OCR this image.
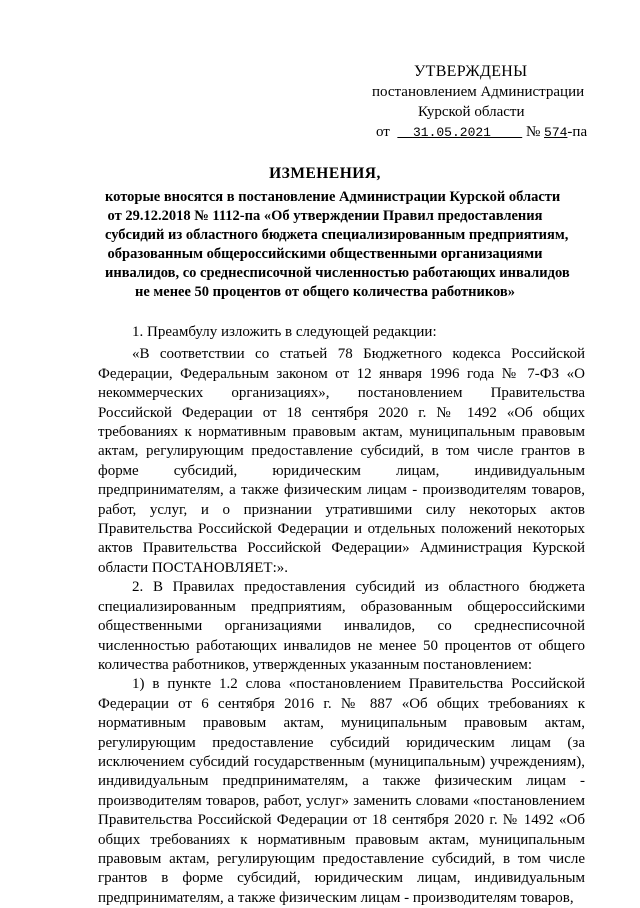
УТВЕРЖДЕНЫ
постановлением Администрации
Курской области
от 31.05.2021 № 574-па
ИЗМЕНЕНИЯ,
которые вносятся в постановление Администрации Курской области
от 29.12.2018 № 1112-па «Об утверждении Правил предоставления
субсидий из областного бюджета специализированным предприятиям,
образованным общероссийскими общественными организациями
инвалидов, со среднесписочной численностью работающих инвалидов
не менее 50 процентов от общего количества работников»

1. Преамбулу изложить в следующей редакции:

«В соответствии со статьей 78 Бюджетного кодекса Российской Федерации, Федеральным законом от 12 января 1996 года № 7-ФЗ «О некоммерческих организациях», постановлением Правительства Российской Федерации от 18 сентября 2020 г. № 1492 «Об общих требованиях к нормативным правовым актам, муниципальным правовым актам, регулирующим предоставление субсидий, в том числе грантов в форме субсидий, юридическим лицам, индивидуальным предпринимателям, а также физическим лицам - производителям товаров, работ, услуг, и о признании утратившими силу некоторых актов Правительства Российской Федерации и отдельных положений некоторых актов Правительства Российской Федерации» Администрация Курской области ПОСТАНОВЛЯЕТ:».

2. В Правилах предоставления субсидий из областного бюджета специализированным предприятиям, образованным общероссийскими общественными организациями инвалидов, со среднесписочной численностью работающих инвалидов не менее 50 процентов от общего количества работников, утвержденных указанным постановлением:

1) в пункте 1.2 слова «постановлением Правительства Российской Федерации от 6 сентября 2016 г. № 887 «Об общих требованиях к нормативным правовым актам, муниципальным правовым актам, регулирующим предоставление субсидий юридическим лицам (за исключением субсидий государственным (муниципальным) учреждениям), индивидуальным предпринимателям, а также физическим лицам - производителям товаров, работ, услуг» заменить словами «постановлением Правительства Российской Федерации от 18 сентября 2020 г. № 1492 «Об общих требованиях к нормативным правовым актам, муниципальным правовым актам, регулирующим предоставление субсидий, в том числе грантов в форме субсидий, юридическим лицам, индивидуальным предпринимателям, а также физическим лицам - производителям товаров,
